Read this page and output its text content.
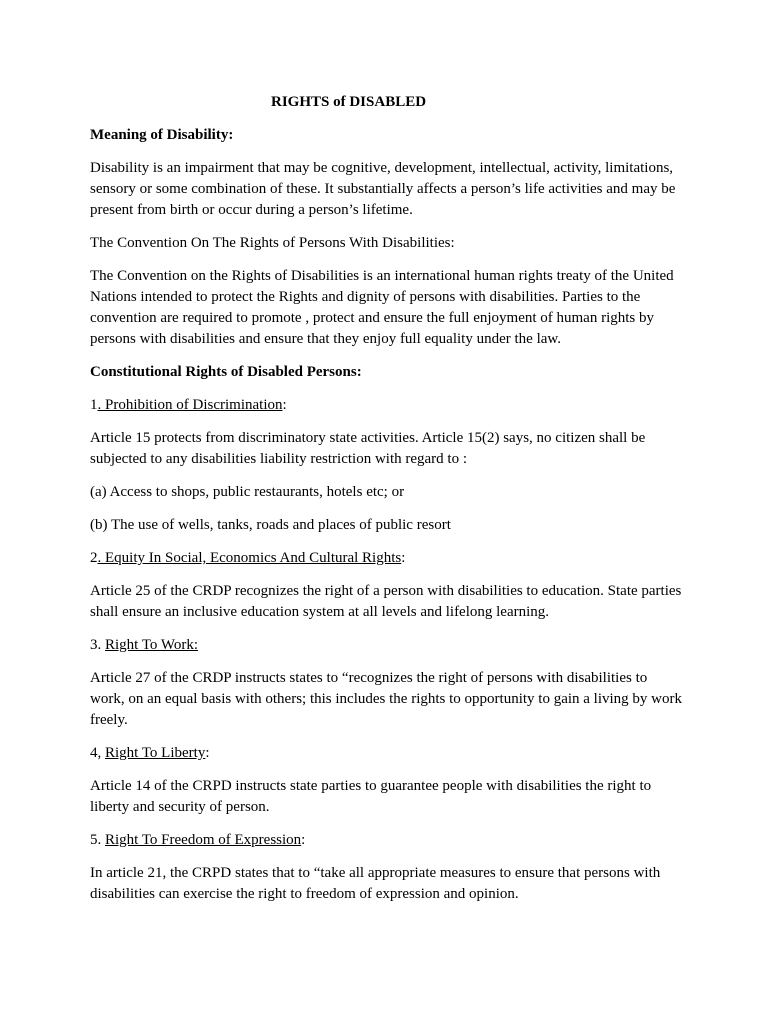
RIGHTS of DISABLED

Meaning of Disability:

Disability is an impairment that may be cognitive, development, intellectual, activity, limitations, sensory or some combination of these. It substantially affects a person’s life activities and may be present from birth or occur during a person’s lifetime.

The Convention On The Rights of Persons With Disabilities:

The Convention on the Rights of Disabilities is an international human rights treaty of the United Nations intended to protect the Rights and dignity of persons with disabilities. Parties to the convention are required to promote , protect and ensure the full enjoyment of human rights by persons with disabilities and ensure that they enjoy full equality under the law.

Constitutional Rights of Disabled Persons:

1. Prohibition of Discrimination:

Article 15 protects from discriminatory state activities. Article 15(2) says, no citizen shall be subjected to any disabilities liability restriction with regard to :

(a) Access to shops, public restaurants, hotels etc; or

(b) The use of wells, tanks, roads and places of public resort

2. Equity In Social, Economics And Cultural Rights:

Article 25 of the CRDP recognizes the right of a person with disabilities to education. State parties shall ensure an inclusive education system at all levels and lifelong learning.

3. Right To Work:

Article 27 of the CRDP instructs states to “recognizes the right of persons with disabilities to work, on an equal basis with others; this includes the rights to opportunity to gain a living by work freely.

4, Right To Liberty:

Article 14 of the CRPD instructs state parties to guarantee people with disabilities the right to liberty and security of person.

5. Right To Freedom of Expression:

In article 21, the CRPD states that to “take all appropriate measures to ensure that persons with disabilities can exercise the right to freedom of expression and opinion.
